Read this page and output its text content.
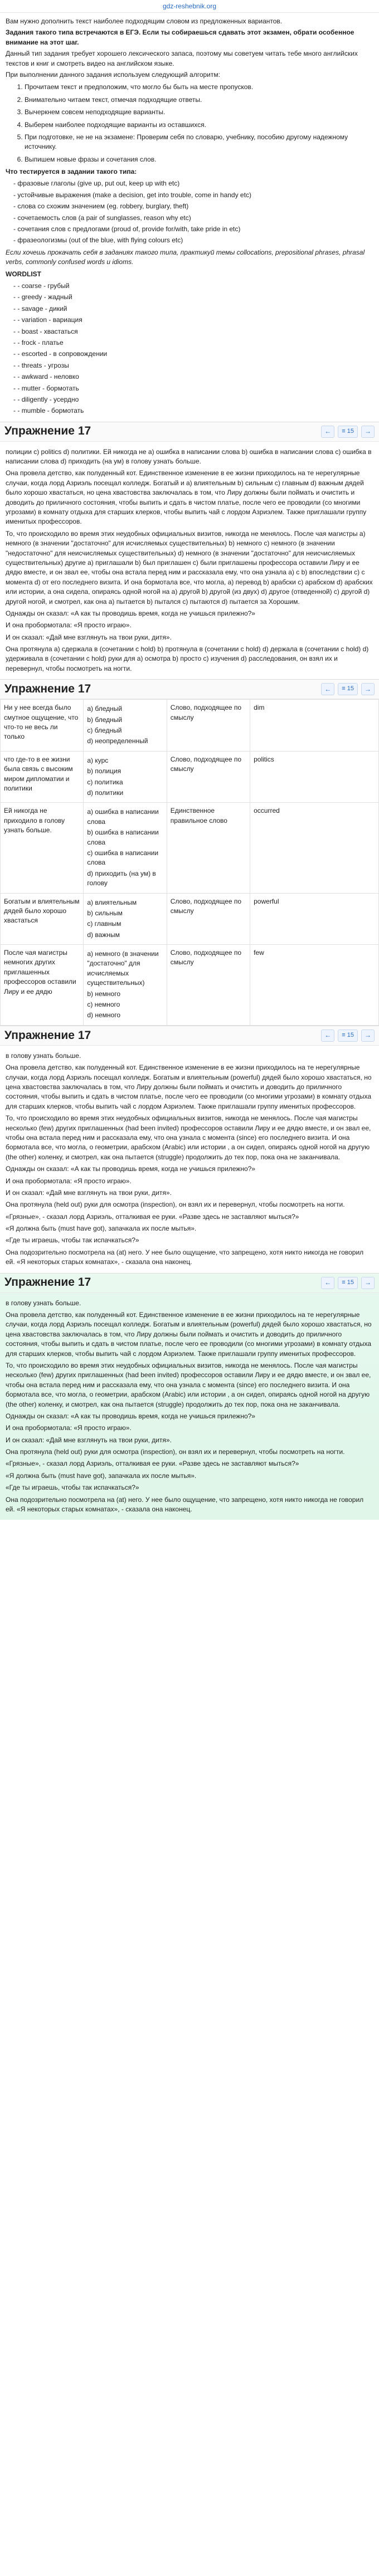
gdz-reshebnik.org

Вам нужно дополнить текст наиболее подходящим словом из предложенных вариантов.

Задания такого типа встречаются в ЕГЭ. Если ты собираешься сдавать этот экзамен, обрати особенное внимание на этот шаг.

Данный тип задания требует хорошего лексического запаса, поэтому мы советуем читать тебе много английских текстов и книг и смотреть видео на английском языке.

При выполнении данного задания используем следующий алгоритм:

1. Прочитаем текст и предположим, что могло бы быть на месте пропусков.
2. Внимательно читаем текст, отмечая подходящие ответы.
3. Вычеркнем совсем неподходящие варианты.
4. Выберем наиболее подходящие варианты из оставшихся.
5. При подготовке, не не на экзамене: Проверим себя по словарю, учебнику, пособию другому надежному источнику.
6. Выпишем новые фразы и сочетания слов.

Что тестируется в задании такого типа:

- фразовые глаголы (give up, put out, keep up with etc)
- устойчивые выражения (make a decision, get into trouble, come in handy etc)
- слова со схожим значением (eg. robbery, burglary, theft)
- сочетаемость слов (a pair of sunglasses, reason why etc)
- сочетания слов с предлогами (proud of, provide for/with, take pride in etc)
- фразеологизмы (out of the blue, with flying colours etc)

Если хочешь прокачать себя в заданиях такого типа, практикуй темы collocations, prepositional phrases, phrasal verbs, commonly confused words и idioms.

WORDLIST
- - coarse - грубый
- - greedy - жадный
- - savage - дикий
- - variation - вариация
- - boast - хвастаться
- - frock - платье
- - escorted - в сопровождении
- - threats - угрозы
- - awkward - неловко
- - mutter - бормотать
- - diligently - усердно
- - mumble - бормотать
Упражнение 17	← ≡
15 →

полиции с) politics d) политики. Ей никогда не а) ошибка в написании слова b) ошибка в написании слова с) ошибка в написании слова d) приходить (на ум) в голову узнать больше.

Она провела детство, как полуденный кот. Единственное изменение в ее жизни приходилось на те нерегулярные случаи, когда лорд Азриэль посещал колледж. Богатый и а) влиятельным b) сильным c) главным d) важным дядей было хорошо хвастаться, но цена хвастовства заключалась в том, что Лиру должны были поймать и очистить и доводить до приличного состояния, чтобы выпить и сдать в чистом платье, после чего ее проводили (со многими угрозами) в комнату отдыха для старших клерков, чтобы выпить чай с лордом Азриэлем. Также приглашали группу именитых профессоров.

То, что происходило во время этих неудобных официальных визитов, никогда не менялось. После чая магистры а) немного (в значении "достаточно" для исчисляемых существительных) b) немного с) немного (в значении "недостаточно" для неисчисляемых существительных) d) немного (в значении "достаточно" для неисчисляемых существительных) другие а) приглашали b) был приглашен c) были приглашены профессора оставили Лиру и ее дядю вместе, и он звал ее, чтобы она встала перед ним и рассказала ему, что она узнала а) с b) впоследствии с) с момента d) от его последнего визита. И она бормотала все, что могла, а) перевод b) арабски c) арабском d) арабских или истории, а она сидела, опираясь одной ногой на а) другой b) другой (из двух) d) другое (отведенной) с) другой d) другой ногой, и смотрел, как она а) пытается b) пытался с) пытаются d) пытается за Хорошим.

Однажды он сказал: «А как ты проводишь время, когда не учишься прилежно?»

И она пробормотала: «Я просто играю».

И он сказал: «Дай мне взглянуть на твои руки, дитя».

Она протянула а) сдержала в (сочетании с hold) b) протянула в (сочетании с hold) d) держала в (сочетании с hold) d) удерживала в (сочетании с hold) руки для а) осмотра b) просто с) изучения d) расследования, он взял их и перевернул, чтобы посмотреть на ногти.

Упражнение 17	← ≡
15 →
Ни у нее всегда было смутное ощущение, что что-то не весь ли только	а) бледный
b) бледный
с) бледный
d) неопределенный	Слово, подходящее по смыслу	dim
что где-то в ее жизни была связь с высоким миром дипломатии и политики	а) курс
b) полиция
с) политика
d) политики	Слово, подходящее по смыслу	politics
Ей никогда не приходило в голову узнать больше.	а) ошибка в написании слова
b) ошибка в написании слова
с) ошибка в написании слова
d) приходить (на ум) в голову	Единственное правильное слово	occurred
Богатым и влиятельным дядей было хорошо хвастаться	а) влиятельным
b) сильным
с) главным
d) важным	Слово, подходящее по смыслу	powerful
После чая магистры немногих других приглашенных профессоров оставили Лиру и ее дядю	а) немного (в значении "достаточно" для исчисляемых существительных)
b) немного
с) немного
d) немного	Слово, подходящее по смыслу	few
Упражнение 17	← ≡
15 →

в голову узнать больше.

Она провела детство, как полуденный кот. Единственное изменение в ее жизни приходилось на те нерегулярные случаи, когда лорд Азриэль посещал колледж. Богатым и влиятельным (powerful) дядей было хорошо хвастаться, но цена хвастовства заключалась в том, что Лиру должны были поймать и очистить и доводить до приличного состояния, чтобы выпить и сдать в чистом платье, после чего ее проводили (со многими угрозами) в комнату отдыха для старших клерков, чтобы выпить чай с лордом Азриэлем. Также приглашали группу именитых профессоров.

То, что происходило во время этих неудобных официальных визитов, никогда не менялось. После чая магистры несколько (few) других приглашенных (had been invited) профессоров оставили Лиру и ее дядю вместе, и он звал ее, чтобы она встала перед ним и рассказала ему, что она узнала с момента (since) его последнего визита. И она бормотала все, что могла, о геометрии, арабском (Arabic) или истории , а он сидел, опираясь одной ногой на другую (the other) коленку, и смотрел, как она пытается (struggle) продолжить до тех пор, пока она не заканчивала.

Однажды он сказал: «А как ты проводишь время, когда не учишься прилежно?»

И она пробормотала: «Я просто играю».

И он сказал: «Дай мне взглянуть на твои руки, дитя».

Она протянула (held out) руки для осмотра (inspection), он взял их и перевернул, чтобы посмотреть на ногти.

«Грязные», - сказал лорд Азриэль, отталкивая ее руки. «Разве здесь не заставляют мыться?»

«Я должна быть (must have got), запачкала их после мытья».

«Где ты играешь, чтобы так испачкаться?»

Она подозрительно посмотрела на (at) него. У нее было ощущение, что запрещено, хотя никто никогда не говорил ей. «Я некоторых старых комнатах», - сказала она наконец.

Упражнение 17	← ≡
15 →

в голову узнать больше.

Она провела детство, как полуденный кот. Единственное изменение в ее жизни приходилось на те нерегулярные случаи, когда лорд Азриэль посещал колледж. Богатым и влиятельным (powerful) дядей было хорошо хвастаться, но цена хвастовства заключалась в том, что Лиру должны были поймать и очистить и доводить до приличного состояния, чтобы выпить и сдать в чистом платье, после чего ее проводили (со многими угрозами) в комнату отдыха для старших клерков, чтобы выпить чай с лордом Азриэлем. Также приглашали группу именитых профессоров.

То, что происходило во время этих неудобных официальных визитов, никогда не менялось. После чая магистры несколько (few) других приглашенных (had been invited) профессоров оставили Лиру и ее дядю вместе, и он звал ее, чтобы она встала перед ним и рассказала ему, что она узнала с момента (since) его последнего визита. И она бормотала все, что могла, о геометрии, арабском (Arabic) или истории , а он сидел, опираясь одной ногой на другую (the other) коленку, и смотрел, как она пытается (struggle) продолжить до тех пор, пока она не заканчивала.

Однажды он сказал: «А как ты проводишь время, когда не учишься прилежно?»

И она пробормотала: «Я просто играю».

И он сказал: «Дай мне взглянуть на твои руки, дитя».

Она протянула (held out) руки для осмотра (inspection), он взял их и перевернул, чтобы посмотреть на ногти.

«Грязные», - сказал лорд Азриэль, отталкивая ее руки. «Разве здесь не заставляют мыться?»

«Я должна быть (must have got), запачкала их после мытья».

«Где ты играешь, чтобы так испачкаться?»

Она подозрительно посмотрела на (at) него. У нее было ощущение, что запрещено, хотя никто никогда не говорил ей. «Я некоторых старых комнатах», - сказала она наконец.
